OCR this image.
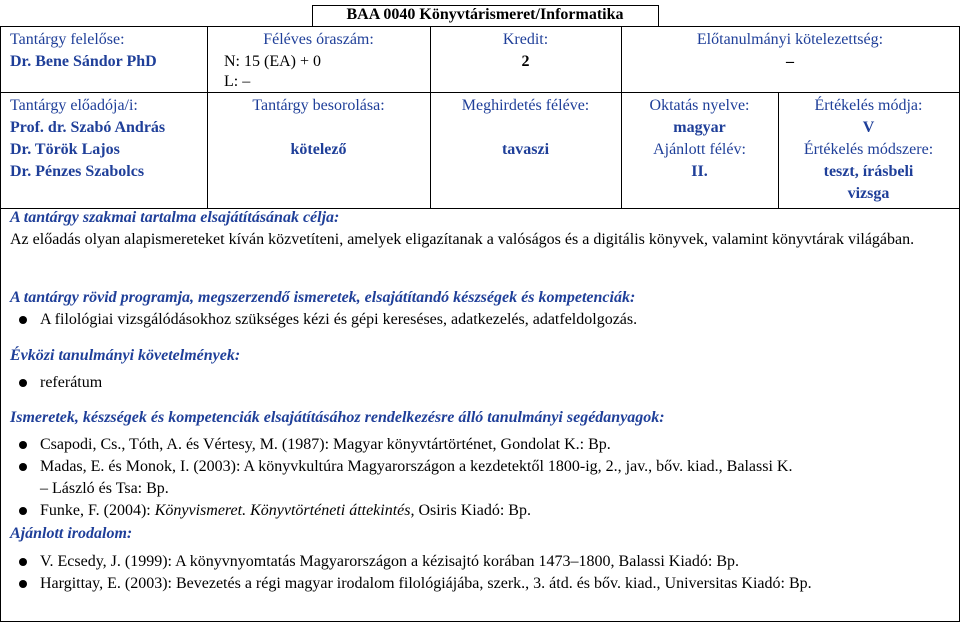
BAA 0040 Könyvtárismeret/Informatika
Tantárgy felelőse:
Dr. Bene Sándor PhD
Féléves óraszám:
N: 15 (EA) + 0
L: –
Kredit:
2
Előtanulmányi kötelezettség:
–
Tantárgy előadója/i:
Prof. dr. Szabó András
Dr. Török Lajos
Dr. Pénzes Szabolcs
Tantárgy besorolása:
kötelező
Meghirdetés féléve:
tavaszi
Oktatás nyelve:
magyar
Ajánlott félév:
II.
Értékelés módja:
V
Értékelés módszere:
teszt, írásbeli
vizsga
A tantárgy szakmai tartalma elsajátításának célja:
Az előadás olyan alapismereteket kíván közvetíteni, amelyek eligazítanak a valóságos és a digitális könyvek, valamint könyvtárak világában.
A tantárgy rövid programja, megszerzendő ismeretek, elsajátítandó készségek és kompetenciák:
A filológiai vizsgálódásokhoz szükséges kézi és gépi kereséses, adatkezelés, adatfeldolgozás.
Évközi tanulmányi követelmények:
referátum
Ismeretek, készségek és kompetenciák elsajátításához rendelkezésre álló tanulmányi segédanyagok:
Csapodi, Cs., Tóth, A. és Vértesy, M. (1987): Magyar könyvtártörténet, Gondolat K.: Bp.
Madas, E. és Monok, I. (2003): A könyvkultúra Magyarországon a kezdetektől 1800-ig, 2., jav., bőv. kiad., Balassi K.
– László és Tsa: Bp.
Funke, F. (2004): Könyvismeret. Könyvtörténeti áttekintés, Osiris Kiadó: Bp.
Ajánlott irodalom:
V. Ecsedy, J. (1999): A könyvnyomtatás Magyarországon a kézisajtó korában 1473–1800, Balassi Kiadó: Bp.
Hargittay, E. (2003): Bevezetés a régi magyar irodalom filológiájába, szerk., 3. átd. és bőv. kiad., Universitas Kiadó: Bp.
